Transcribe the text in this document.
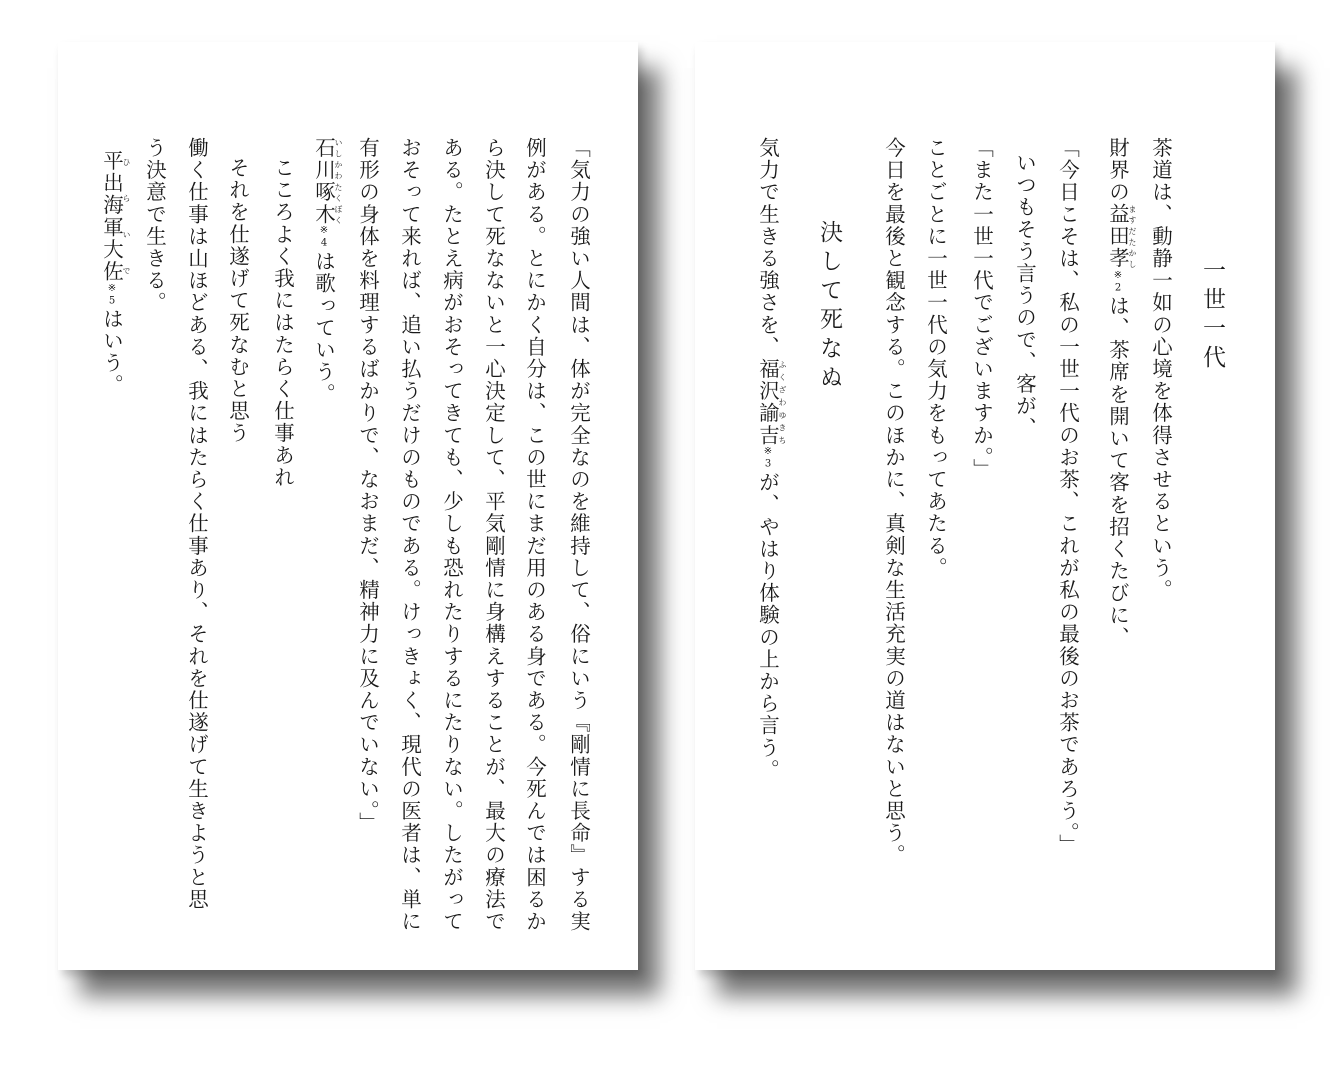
「気力の強い人間は、体が完全なのを維持して、俗にいう『剛情に長命』する実
例がある。とにかく自分は、この世にまだ用のある身である。今死んでは困るか
ら決して死なないと一心決定して、平気剛情に身構えすることが、最大の療法で
ある。たとえ病がおそってきても、少しも恐れたりするにたりない。したがって
おそって来れば、追い払うだけのものである。けっきょく、現代の医者は、単に
有形の身体を料理するばかりで、なおまだ、精神力に及んでいない。」
石川啄木いしかわたくぼく※4は歌っていう。
こころよく我にはたらく仕事あれ
それを仕遂げて死なむと思う
働く仕事は山ほどある、我にはたらく仕事あり、それを仕遂げて生きようと思
う決意で生きる。
平出海軍大佐ひらいで※5はいう。	一世一代
茶道は、動静一如の心境を体得させるという。
財界の益田孝ますだたかし※2は、茶席を開いて客を招くたびに、
「今日こそは、私の一世一代のお茶、これが私の最後のお茶であろう。」
いつもそう言うので、客が、
「また一世一代でございますか。」
ことごとに一世一代の気力をもってあたる。
今日を最後と観念する。このほかに、真剣な生活充実の道はないと思う。
決して死なぬ
気力で生きる強さを、福沢諭吉ふくざわゆきち※3が、やはり体験の上から言う。
